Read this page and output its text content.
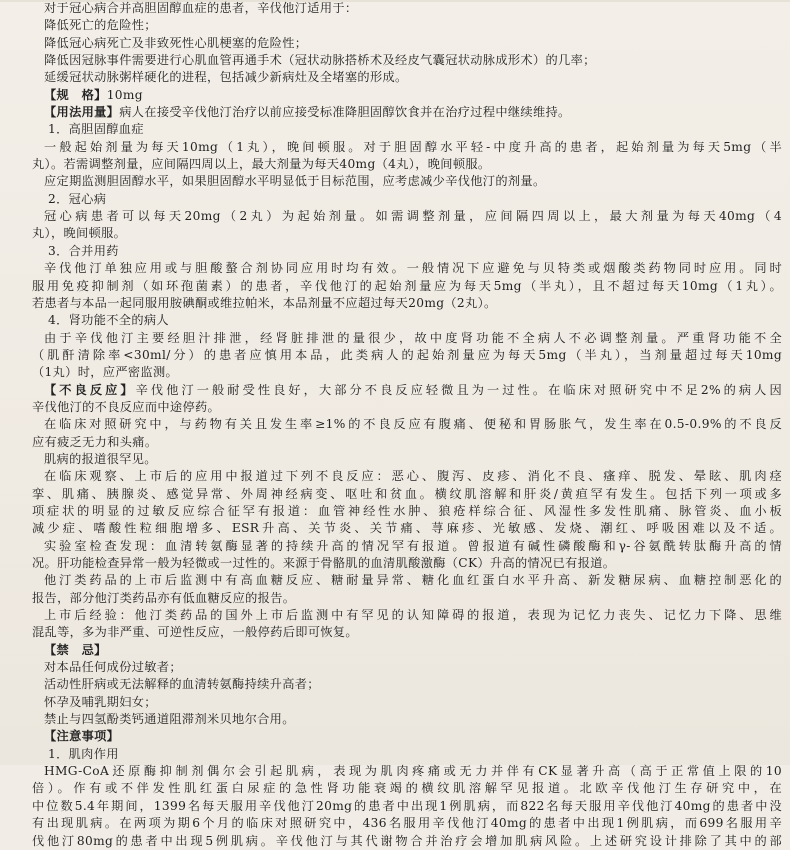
对于冠心病合并高胆固醇血症的患者，辛伐他汀适用于：
降低死亡的危险性；
降低冠心病死亡及非致死性心肌梗塞的危险性；
降低因冠脉事件需要进行心肌血管再通手术（冠状动脉搭桥术及经皮气囊冠状动脉成形术）的几率；
延缓冠状动脉粥样硬化的进程，包括减少新病灶及全堵塞的形成。
【规　格】10mg
【用法用量】病人在接受辛伐他汀治疗以前应接受标准降胆固醇饮食并在治疗过程中继续维持。
1．高胆固醇血症
一般起始剂量为每天10mg（1丸），晚间顿服。对于胆固醇水平轻-中度升高的患者，起始剂量为每天5mg（半
丸）。若需调整剂量，应间隔四周以上，最大剂量为每天40mg（4丸），晚间顿服。
应定期监测胆固醇水平，如果胆固醇水平明显低于目标范围，应考虑减少辛伐他汀的剂量。
2．冠心病
冠心病患者可以每天20mg（2丸）为起始剂量。如需调整剂量，应间隔四周以上，最大剂量为每天40mg（4
丸），晚间顿服。
3．合并用药
辛伐他汀单独应用或与胆酸螯合剂协同应用时均有效。一般情况下应避免与贝特类或烟酸类药物同时应用。同时
服用免疫抑制剂（如环孢菌素）的患者，辛伐他汀的起始剂量应为每天5mg（半丸），且不超过每天10mg（1丸）。
若患者与本品一起同服用胺碘酮或维拉帕米，本品剂量不应超过每天20mg（2丸）。
4．肾功能不全的病人
由于辛伐他汀主要经胆汁排泄，经肾脏排泄的量很少，故中度肾功能不全病人不必调整剂量。严重肾功能不全
（肌酐清除率<30ml/分）的患者应慎用本品，此类病人的起始剂量应为每天5mg（半丸），当剂量超过每天10mg
（1丸）时，应严密监测。
【不良反应】辛伐他汀一般耐受性良好，大部分不良反应轻微且为一过性。在临床对照研究中不足2%的病人因
辛伐他汀的不良反应而中途停药。
在临床对照研究中，与药物有关且发生率≥1%的不良反应有腹痛、便秘和胃肠胀气，发生率在0.5-0.9%的不良反
应有疲乏无力和头痛。
肌病的报道很罕见。
在临床观察、上市后的应用中报道过下列不良反应：恶心、腹泻、皮疹、消化不良、瘙痒、脱发、晕眩、肌肉痉
挛、肌痛、胰腺炎、感觉异常、外周神经病变、呕吐和贫血。横纹肌溶解和肝炎/黄疸罕有发生。包括下列一项或多
项症状的明显的过敏反应综合征罕有报道：血管神经性水肿、狼疮样综合征、风湿性多发性肌痛、脉管炎、血小板
减少症、嗜酸性粒细胞增多、ESR升高、关节炎、关节痛、荨麻疹、光敏感、发烧、潮红、呼吸困难以及不适。
实验室检查发现：血清转氨酶显著的持续升高的情况罕有报道。曾报道有碱性磷酸酶和γ-谷氨酰转肽酶升高的情
况。肝功能检查异常一般为轻微或一过性的。来源于骨骼肌的血清肌酸激酶（CK）升高的情况已有报道。
他汀类药品的上市后监测中有高血糖反应、糖耐量异常、糖化血红蛋白水平升高、新发糖尿病、血糖控制恶化的
报告，部分他汀类药品亦有低血糖反应的报告。
上市后经验：他汀类药品的国外上市后监测中有罕见的认知障碍的报道，表现为记忆力丧失、记忆力下降、思维
混乱等，多为非严重、可逆性反应，一般停药后即可恢复。
【禁　忌】
对本品任何成份过敏者；
活动性肝病或无法解释的血清转氨酶持续升高者；
怀孕及哺乳期妇女；
禁止与四氢酚类钙通道阻滞剂米贝地尔合用。
【注意事项】
1．肌肉作用
HMG-CoA还原酶抑制剂偶尔会引起肌病，表现为肌肉疼痛或无力并伴有CK显著升高（高于正常值上限的10
倍）。作有或不伴发性肌红蛋白尿症的急性肾功能衰竭的横纹肌溶解罕见报道。北欧辛伐他汀生存研究中，在
中位数5.4年期间，1399名每天服用辛伐他汀20mg的患者中出现1例肌病，而822名每天服用辛伐他汀40mg的患者中没
有出现肌病。在两项为期6个月的临床对照研究中，436名服用辛伐他汀40mg的患者中出现1例肌病，而699名服用辛
伐他汀80mg的患者中出现5例肌病。辛伐他汀与其代谢物合并治疗会增加肌病风险。上述研究设计排除了其中的部
